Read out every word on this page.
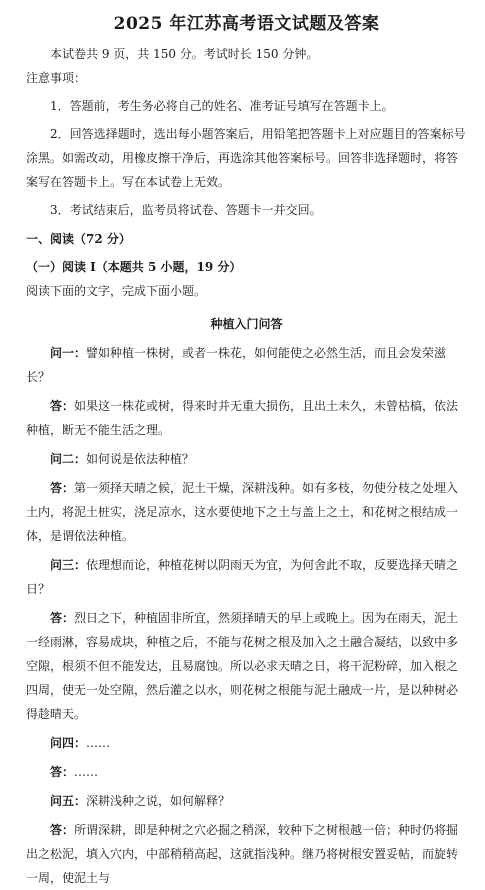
2025 年江苏高考语文试题及答案

本试卷共 9 页，共 150 分。考试时长 150 分钟。

注意事项：

1．答题前，考生务必将自己的姓名、准考证号填写在答题卡上。

2．回答选择题时，选出每小题答案后，用铅笔把答题卡上对应题目的答案标号涂黑。如需改动，用橡皮擦干净后，再选涂其他答案标号。回答非选择题时，将答案写在答题卡上。写在本试卷上无效。

3．考试结束后，监考员将试卷、答题卡一并交回。

一、阅读（72 分）
（一）阅读 I（本题共 5 小题，19 分）

阅读下面的文字，完成下面小题。

种植入门问答

问一：譬如种植一株树，或者一株花，如何能使之必然生活，而且会发荣滋长？

答：如果这一株花或树，得来时并无重大损伤，且出土未久，未曾枯槁，依法种植，断无不能生活之理。

问二：如何说是依法种植？

答：第一须择天晴之候，泥土干燥，深耕浅种。如有多枝，勿使分枝之处埋入土内，将泥土桩实，浇足凉水，这水要使地下之土与盖上之土，和花树之根结成一体，是谓依法种植。

问三：依理想而论，种植花树以阴雨天为宜，为何舍此不取，反要选择天晴之日？

答：烈日之下，种植固非所宜，然须择晴天的早上或晚上。因为在雨天，泥土一经雨淋，容易成块，种植之后，不能与花树之根及加入之土融合凝结，以致中多空隙，根须不但不能发达，且易腐蚀。所以必求天晴之日，将干泥粉碎，加入根之四周，使无一处空隙，然后灌之以水，则花树之根能与泥土融成一片，是以种树必得趁晴天。

问四：……

答：……

问五：深耕浅种之说，如何解释？

答：所谓深耕，即是种树之穴必掘之稍深，较种下之树根越一倍；种时仍将掘出之松泥，填入穴内，中部稍稍高起，这就指浅种。继乃将树根安置妥帖，而旋转一周，使泥土与
